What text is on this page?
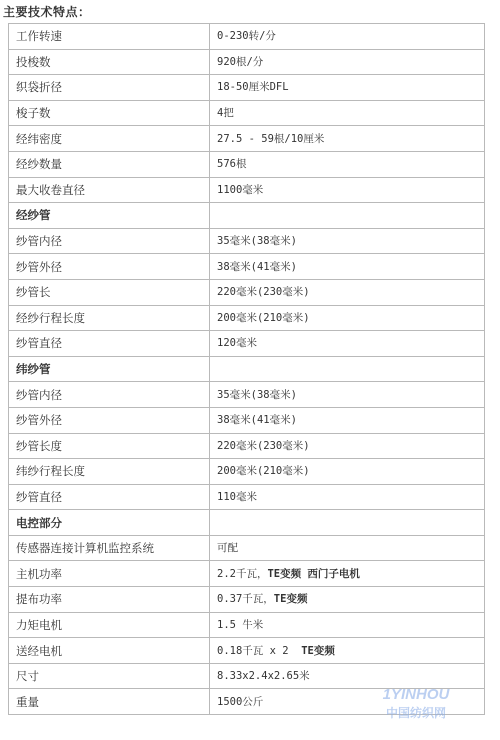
主要技术特点：
工作转速	0-230转/分
投梭数	920根/分
织袋折径	18-50厘米DFL
梭子数	4把
经纬密度	27.5 - 59根/10厘米
经纱数量	576根
最大收卷直径	1100毫米
经纱管	
纱管内径	35毫米(38毫米)
纱管外径	38毫米(41毫米)
纱管长	220毫米(230毫米)
经纱行程长度	200毫米(210毫米)
纱管直径	120毫米
纬纱管	
纱管内径	35毫米(38毫米)
纱管外径	38毫米(41毫米)
纱管长度	220毫米(230毫米)
纬纱行程长度	200毫米(210毫米)
纱管直径	110毫米
电控部分	
传感器连接计算机监控系统	可配
主机功率	2.2千瓦，TE变频 西门子电机
提布功率	0.37千瓦，TE变频
力矩电机	1.5 牛米
送经电机	0.18千瓦 x 2  TE变频
尺寸	8.33x2.4x2.65米
重量	1500公斤	1YINHOU
中国纺织网
